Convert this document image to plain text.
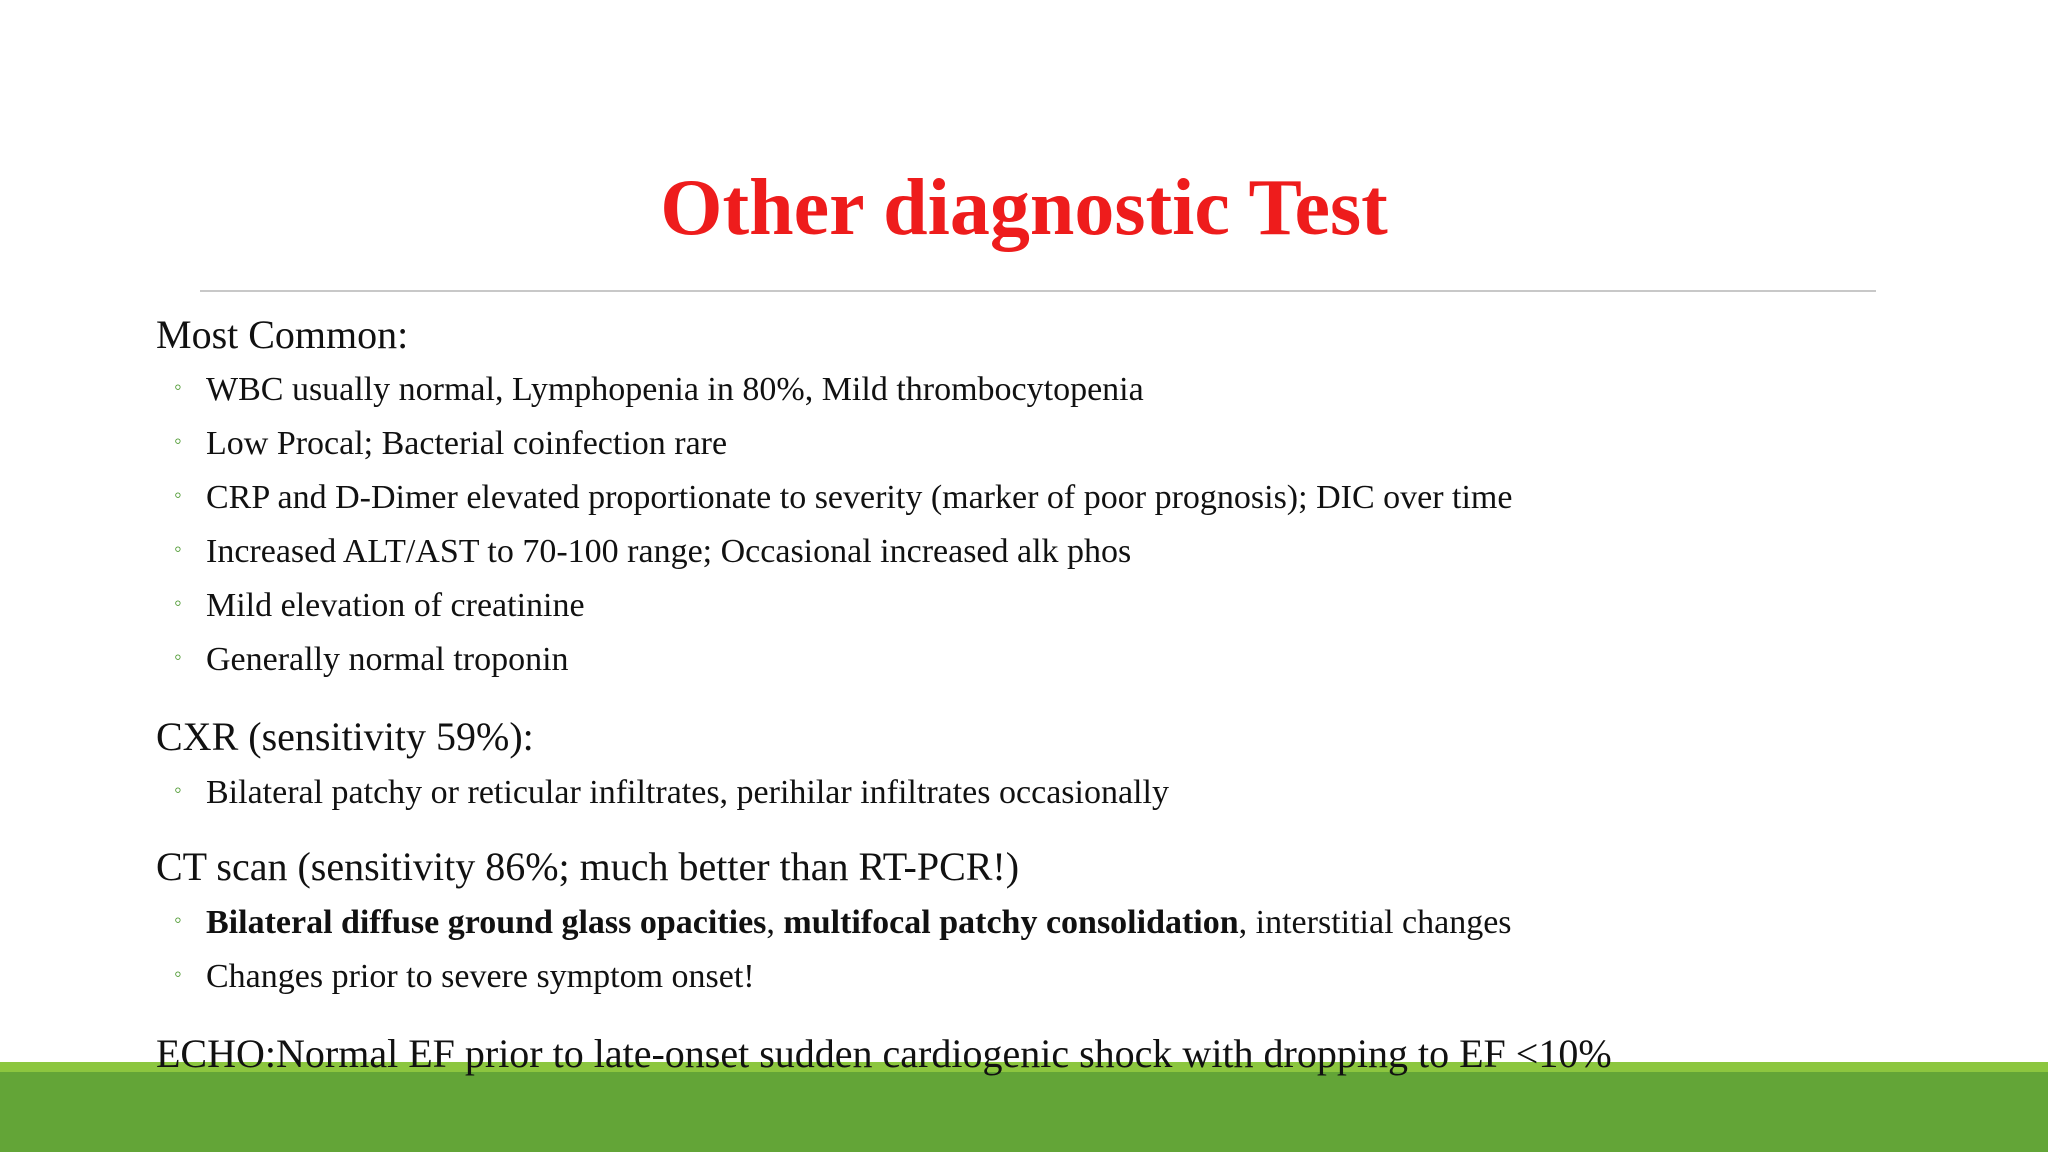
Other diagnostic Test
Most Common:
◦ WBC usually normal, Lymphopenia in 80%, Mild thrombocytopenia
◦ Low Procal; Bacterial coinfection rare
◦ CRP and D-Dimer elevated proportionate to severity (marker of poor prognosis); DIC over time
◦ Increased ALT/AST to 70-100 range; Occasional increased alk phos
◦ Mild elevation of creatinine
◦ Generally normal troponin
CXR (sensitivity 59%):
◦ Bilateral patchy or reticular infiltrates, perihilar infiltrates occasionally
CT scan (sensitivity 86%; much better than RT-PCR!)
◦ Bilateral diffuse ground glass opacities, multifocal patchy consolidation, interstitial changes
◦ Changes prior to severe symptom onset!
ECHO:Normal EF prior to late-onset sudden cardiogenic shock with dropping to EF <10%
